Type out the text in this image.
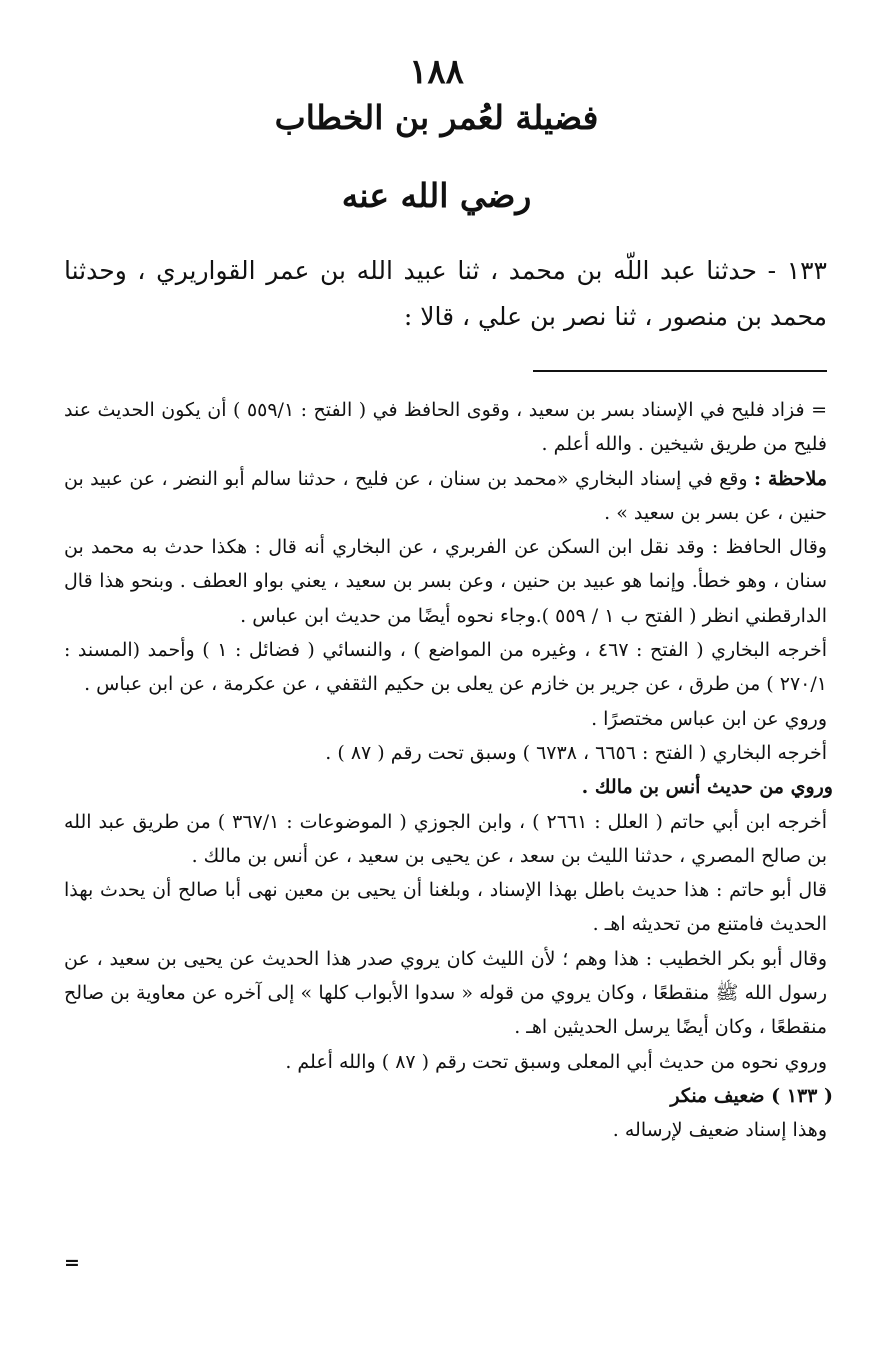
١٨٨
فضيلة لعُمر بن الخطاب
رضي الله عنه
١٣٣ - حدثنا عبد اللّه بن محمد ، ثنا عبيد الله بن عمر القواريري ، وحدثنا محمد بن منصور ، ثنا نصر بن علي ، قالا :

= فزاد فليح في الإسناد بسر بن سعيد ، وقوى الحافظ في ( الفتح : ٥٥٩/١ ) أن يكون الحديث عند فليح من طريق شيخين . والله أعلم .

ملاحظة : وقع في إسناد البخاري «محمد بن سنان ، عن فليح ، حدثنا سالم أبو النضر ، عن عبيد بن حنين ، عن بسر بن سعيد » .

وقال الحافظ : وقد نقل ابن السكن عن الفربري ، عن البخاري أنه قال : هكذا حدث به محمد بن سنان ، وهو خطأ. وإنما هو عبيد بن حنين ، وعن بسر بن سعيد ، يعني بواو العطف . وبنحو هذا قال الدارقطني انظر ( الفتح ب ١ / ٥٥٩ ).وجاء نحوه أيضًا من حديث ابن عباس .

أخرجه البخاري ( الفتح : ٤٦٧ ، وغيره من المواضع ) ، والنسائي ( فضائل : ١ ) وأحمد (المسند : ٢٧٠/١ ) من طرق ، عن جرير بن خازم عن يعلى بن حكيم الثقفي ، عن عكرمة ، عن ابن عباس .

وروي عن ابن عباس مختصرًا .

أخرجه البخاري ( الفتح : ٦٦٥٦ ، ٦٧٣٨ ) وسبق تحت رقم ( ٨٧ ) .

وروي من حديث أنس بن مالك .

أخرجه ابن أبي حاتم ( العلل : ٢٦٦١ ) ، وابن الجوزي ( الموضوعات : ٣٦٧/١ ) من طريق عبد الله بن صالح المصري ، حدثنا الليث بن سعد ، عن يحيى بن سعيد ، عن أنس بن مالك .

قال أبو حاتم : هذا حديث باطل بهذا الإسناد ، وبلغنا أن يحيى بن معين نهى أبا صالح أن يحدث بهذا الحديث فامتنع من تحديثه اهـ .

وقال أبو بكر الخطيب : هذا وهم ؛ لأن الليث كان يروي صدر هذا الحديث عن يحيى بن سعيد ، عن رسول الله ﷺ منقطعًا ، وكان يروي من قوله « سدوا الأبواب كلها » إلى آخره عن معاوية بن صالح منقطعًا ، وكان أيضًا يرسل الحديثين اهـ .

وروي نحوه من حديث أبي المعلى وسبق تحت رقم ( ٨٧ ) والله أعلم .

( ١٣٣ ) ضعيف منكر

وهذا إسناد ضعيف لإرساله .

=
